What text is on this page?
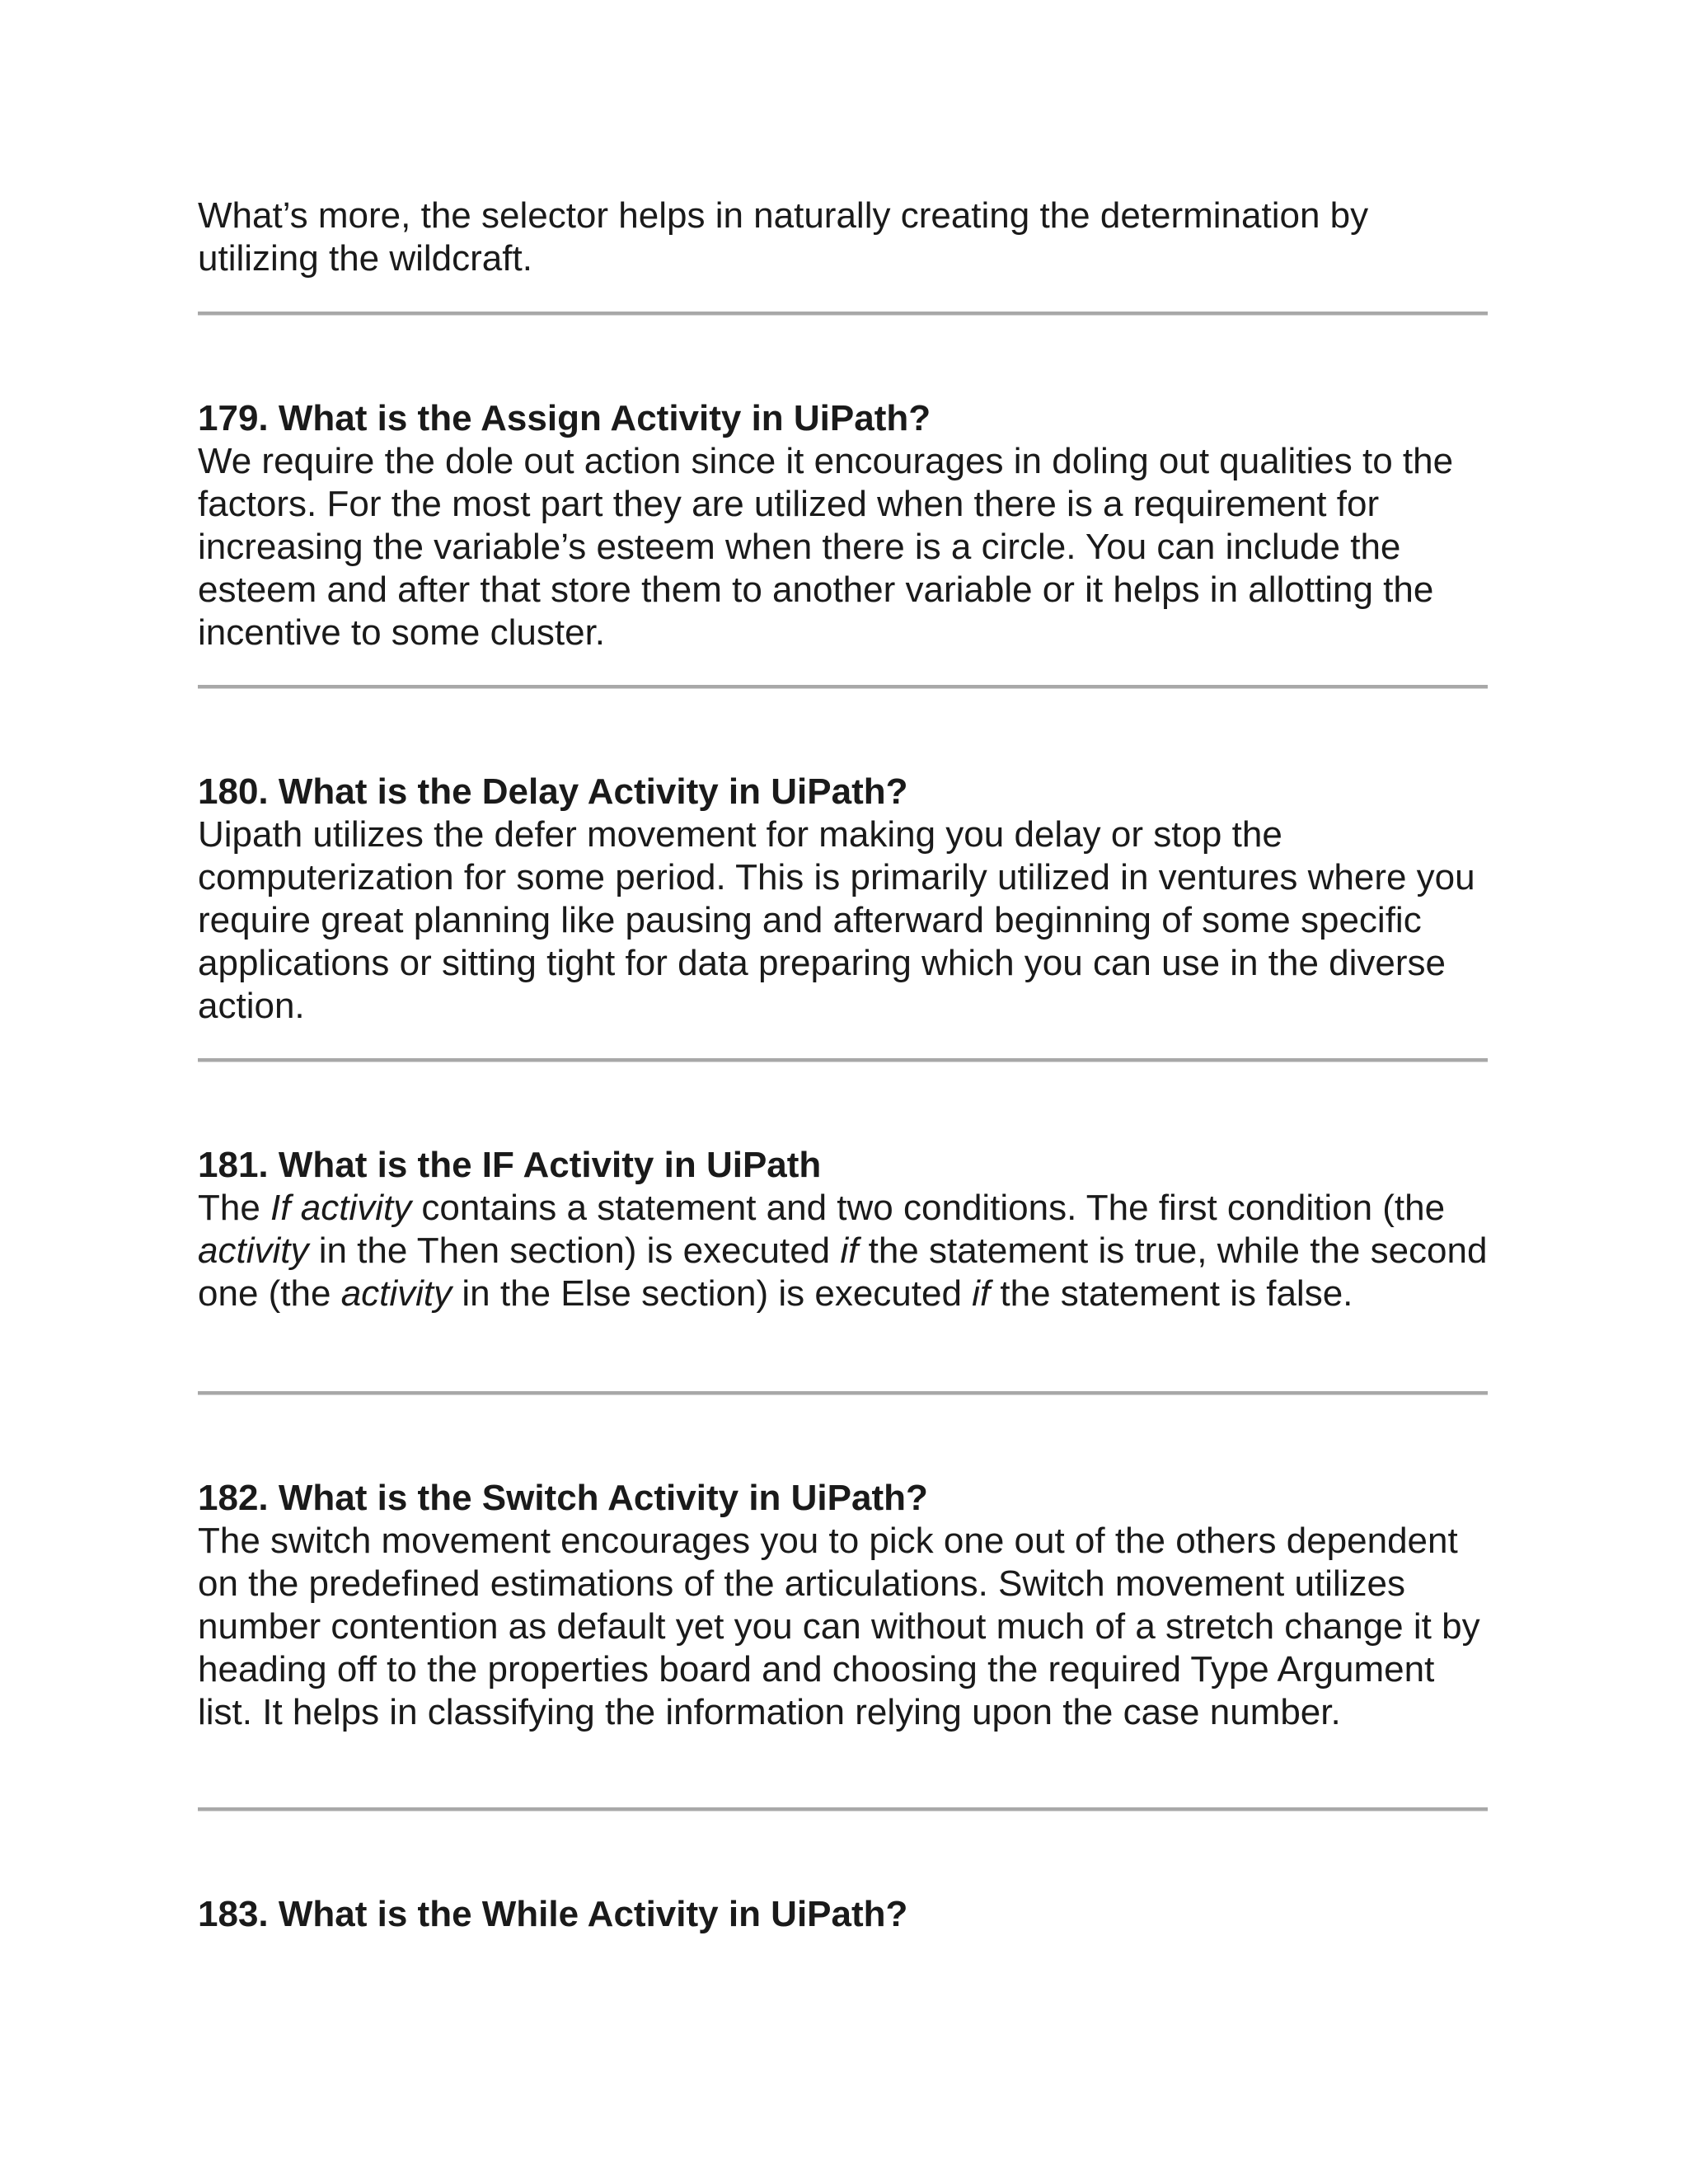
What’s more, the selector helps in naturally creating the determination by utilizing the wildcraft.

179. What is the Assign Activity in UiPath?

We require the dole out action since it encourages in doling out qualities to the factors. For the most part they are utilized when there is a requirement for increasing the variable’s esteem when there is a circle. You can include the esteem and after that store them to another variable or it helps in allotting the incentive to some cluster.

180. What is the Delay Activity in UiPath?

Uipath utilizes the defer movement for making you delay or stop the computerization for some period. This is primarily utilized in ventures where you require great planning like pausing and afterward beginning of some specific applications or sitting tight for data preparing which you can use in the diverse action.

181. What is the IF Activity in UiPath

The If activity contains a statement and two conditions. The first condition (the activity in the Then section) is executed if the statement is true, while the second one (the activity in the Else section) is executed if the statement is false.

182. What is the Switch Activity in UiPath?

The switch movement encourages you to pick one out of the others dependent on the predefined estimations of the articulations. Switch movement utilizes number contention as default yet you can without much of a stretch change it by heading off to the properties board and choosing the required Type Argument list. It helps in classifying the information relying upon the case number.

183. What is the While Activity in UiPath?
